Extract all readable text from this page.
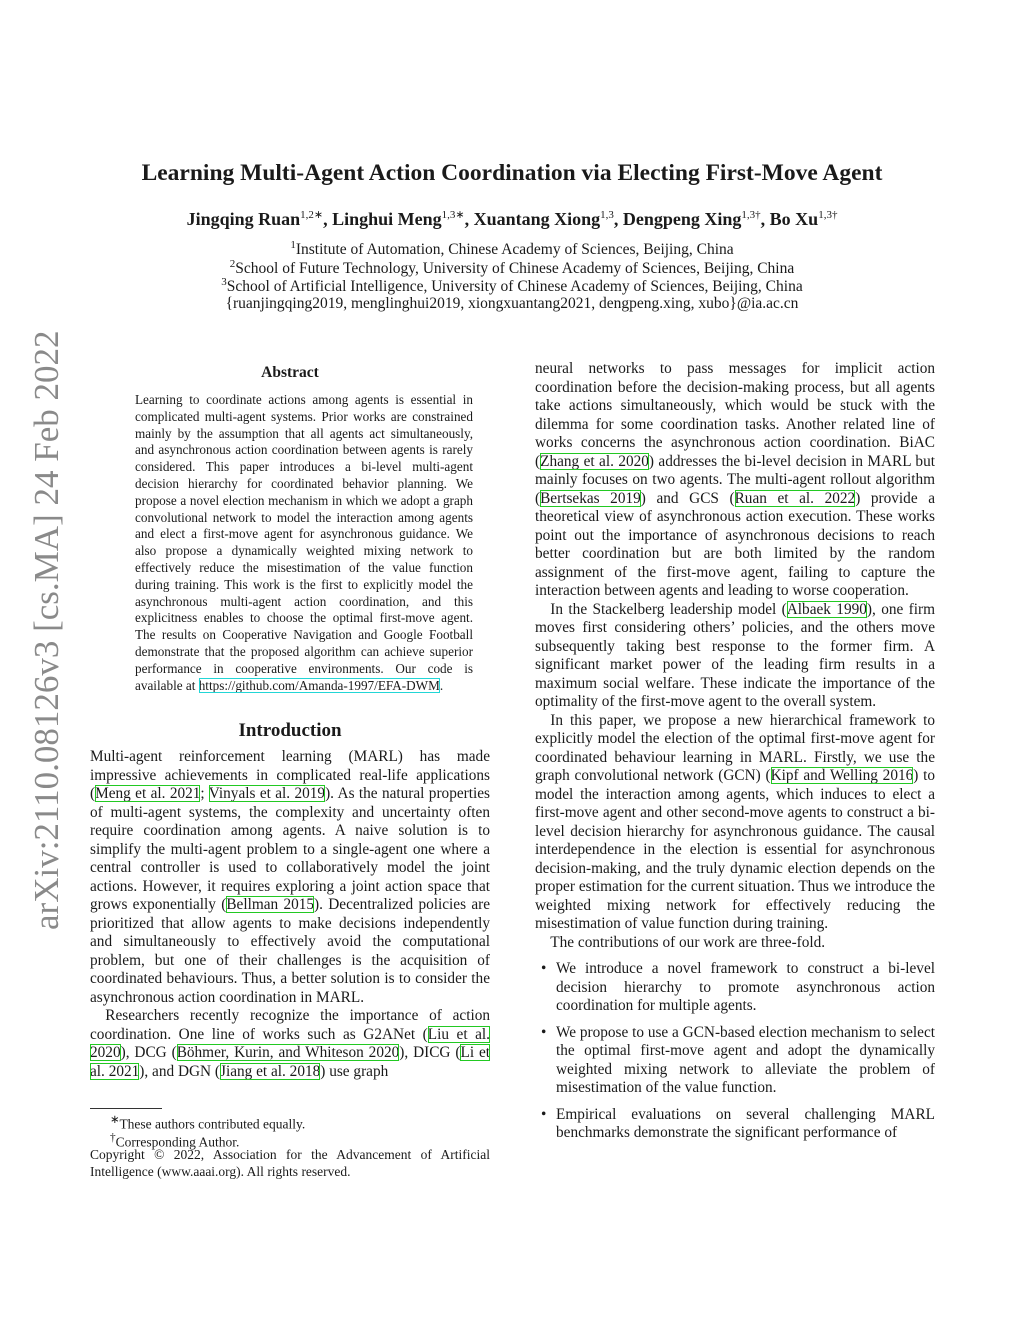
arXiv:2110.08126v3 [cs.MA] 24 Feb 2022
Learning Multi-Agent Action Coordination via Electing First-Move Agent
Jingqing Ruan$^{1,2∗}$, Linghui Meng$^{1,3∗}$, Xuantang Xiong$^{1,3}$, Dengpeng Xing$^{1,3\dagger}$, Bo $Xu^{1,3\dagger}$
$^1$Institute of Automation, Chinese Academy of Sciences, Beijing, China
$^2$School of Future Technology, University of Chinese Academy of Sciences, Beijing, China
$^3$School of Artificial Intelligence, University of Chinese Academy of Sciences, Beijing, China
{ruanjingqing2019, menglinghui2019, xiongxuantang2021, dengpeng.xing, xubo}@ia.ac.cn
Abstract
Learning to coordinate actions among agents is essential in complicated multi-agent systems. Prior works are constrained mainly by the assumption that all agents act simultaneously, and asynchronous action coordination between agents is rarely considered. This paper introduces a bi-level multi-agent decision hierarchy for coordinated behavior planning. We propose a novel election mechanism in which we adopt a graph convolutional network to model the interaction among agents and elect a first-move agent for asynchronous guidance. We also propose a dynamically weighted mixing network to effectively reduce the misestimation of the value function during training. This work is the first to explicitly model the asynchronous multi-agent action coordination, and this explicitness enables to choose the optimal first-move agent. The results on Cooperative Navigation and Google Football demonstrate that the proposed algorithm can achieve superior performance in cooperative environments. Our code is available at https://github.com/Amanda-1997/EFA-DWM.
Introduction

Multi-agent reinforcement learning (MARL) has made impressive achievements in complicated real-life applications (Meng et al. 2021; Vinyals et al. 2019). As the natural properties of multi-agent systems, the complexity and uncertainty often require coordination among agents. A naive solution is to simplify the multi-agent problem to a single-agent one where a central controller is used to collaboratively model the joint actions. However, it requires exploring a joint action space that grows exponentially (Bellman 2015). Decentralized policies are prioritized that allow agents to make decisions independently and simultaneously to effectively avoid the computational problem, but one of their challenges is the acquisition of coordinated behaviours. Thus, a better solution is to consider the asynchronous action coordination in MARL.

Researchers recently recognize the importance of action coordination. One line of works such as G2ANet (Liu et al. 2020), DCG (Böhmer, Kurin, and Whiteson 2020), DICG (Li et al. 2021), and DGN (Jiang et al. 2018) use graph

∗These authors contributed equally.
†Corresponding Author.
Copyright © 2022, Association for the Advancement of Artificial Intelligence (www.aaai.org). All rights reserved.

neural networks to pass messages for implicit action coordination before the decision-making process, but all agents take actions simultaneously, which would be stuck with the dilemma for some coordination tasks. Another related line of works concerns the asynchronous action coordination. BiAC (Zhang et al. 2020) addresses the bi-level decision in MARL but mainly focuses on two agents. The multi-agent rollout algorithm (Bertsekas 2019) and GCS (Ruan et al. 2022) provide a theoretical view of asynchronous action execution. These works point out the importance of asynchronous decisions to reach better coordination but are both limited by the random assignment of the first-move agent, failing to capture the interaction between agents and leading to worse cooperation.

In the Stackelberg leadership model (Albaek 1990), one firm moves first considering others’ policies, and the others move subsequently taking best response to the former firm. A significant market power of the leading firm results in a maximum social welfare. These indicate the importance of the optimality of the first-move agent to the overall system.

In this paper, we propose a new hierarchical framework to explicitly model the election of the optimal first-move agent for coordinated behaviour learning in MARL. Firstly, we use the graph convolutional network (GCN) (Kipf and Welling 2016) to model the interaction among agents, which induces to elect a first-move agent and other second-move agents to construct a bi-level decision hierarchy for asynchronous guidance. The causal interdependence in the election is essential for asynchronous decision-making, and the truly dynamic election depends on the proper estimation for the current situation. Thus we introduce the weighted mixing network for effectively reducing the misestimation of value function during training.

The contributions of our work are three-fold.

• We introduce a novel framework to construct a bi-level decision hierarchy to promote asynchronous action coordination for multiple agents.
• We propose to use a GCN-based election mechanism to select the optimal first-move agent and adopt the dynamically weighted mixing network to alleviate the problem of misestimation of the value function.
• Empirical evaluations on several challenging MARL benchmarks demonstrate the significant performance of
